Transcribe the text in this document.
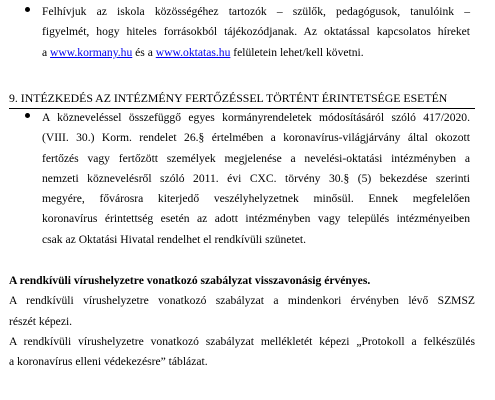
Felhívjuk az iskola közösségéhez tartozók – szülők, pedagógusok, tanulóink –
figyelmét, hogy hiteles forrásokból tájékozódjanak. Az oktatással kapcsolatos híreket
a www.kormany.hu és a www.oktatas.hu felületein lehet/kell követni.
9. INTÉZKEDÉS AZ INTÉZMÉNY FERTŐZÉSSEL TÖRTÉNT ÉRINTETSÉGE ESETÉN
A közneveléssel összefüggő egyes kormányrendeletek módosításáról szóló 417/2020.
(VIII. 30.) Korm. rendelet 26.§ értelmében a koronavírus-világjárvány által okozott
fertőzés vagy fertőzött személyek megjelenése a nevelési-oktatási intézményben a
nemzeti köznevelésről szóló 2011. évi CXC. törvény 30.§ (5) bekezdése szerinti
megyére, fővárosra kiterjedő veszélyhelyzetnek minősül. Ennek megfelelően
koronavírus érintettség esetén az adott intézményben vagy település intézményeiben
csak az Oktatási Hivatal rendelhet el rendkívüli szünetet.
A rendkívüli vírushelyzetre vonatkozó szabályzat visszavonásig érvényes.
A rendkívüli vírushelyzetre vonatkozó szabályzat a mindenkori érvényben lévő SZMSZ
részét képezi.
A rendkívüli vírushelyzetre vonatkozó szabályzat mellékletét képezi „Protokoll a felkészülés
a koronavírus elleni védekezésre” táblázat.
